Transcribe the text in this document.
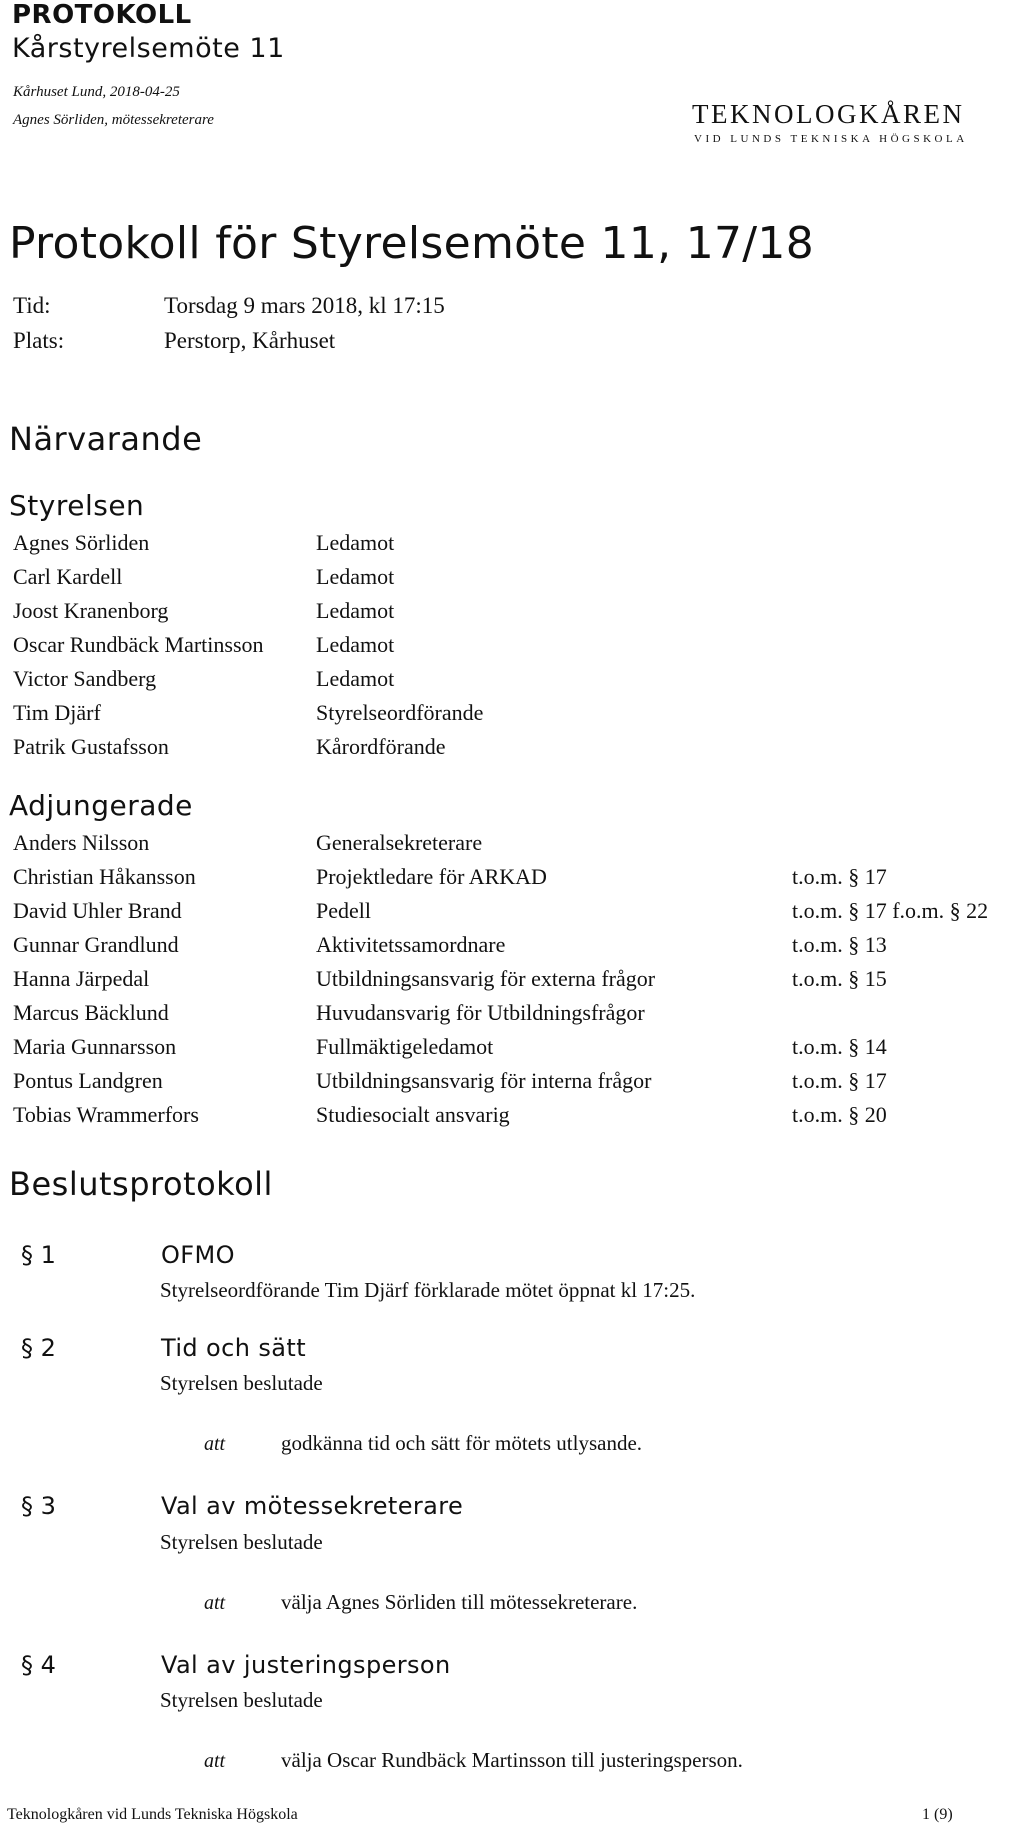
PROTOKOLL
Kårstyrelsemöte 11
Kårhuset Lund, 2018-04-25
Agnes Sörliden, mötessekreterare	TEKNOLOGKÅREN
VID LUNDS TEKNISKA HÖGSKOLA
Protokoll för Styrelsemöte 11, 17/18
Tid:	Torsdag 9 mars 2018, kl 17:15
Plats:	Perstorp, Kårhuset
Närvarande
Styrelsen
Agnes Sörliden	Ledamot
Carl Kardell	Ledamot
Joost Kranenborg	Ledamot
Oscar Rundbäck Martinsson Ledamot
Victor Sandberg	Ledamot
Tim Djärf	Styrelseordförande
Patrik Gustafsson	Kårordförande
Adjungerade
Anders Nilsson	Generalsekreterare
Christian Håkansson	Projektledare för ARKAD	t.o.m. § 17
David Uhler Brand	Pedell	t.o.m. § 17 f.o.m. § 22
Gunnar Grandlund	Aktivitetssamordnare	t.o.m. § 13
Hanna Järpedal	Utbildningsansvarig för externa frågor	t.o.m. § 15
Marcus Bäcklund	Huvudansvarig för Utbildningsfrågor
Maria Gunnarsson	Fullmäktigeledamot	t.o.m. § 14
Pontus Landgren	Utbildningsansvarig för interna frågor	t.o.m. § 17
Tobias Wrammerfors	Studiesocialt ansvarig	t.o.m. § 20
Beslutsprotokoll
§ 1	OFMO
Styrelseordförande Tim Djärf förklarade mötet öppnat kl 17:25.
§ 2	Tid och sätt
Styrelsen beslutade
att	godkänna tid och sätt för mötets utlysande.
§ 3	Val av mötessekreterare
Styrelsen beslutade
att	välja Agnes Sörliden till mötessekreterare.
§ 4	Val av justeringsperson
Styrelsen beslutade
att	välja Oscar Rundbäck Martinsson till justeringsperson.
Teknologkåren vid Lunds Tekniska Högskola	1 (9)
